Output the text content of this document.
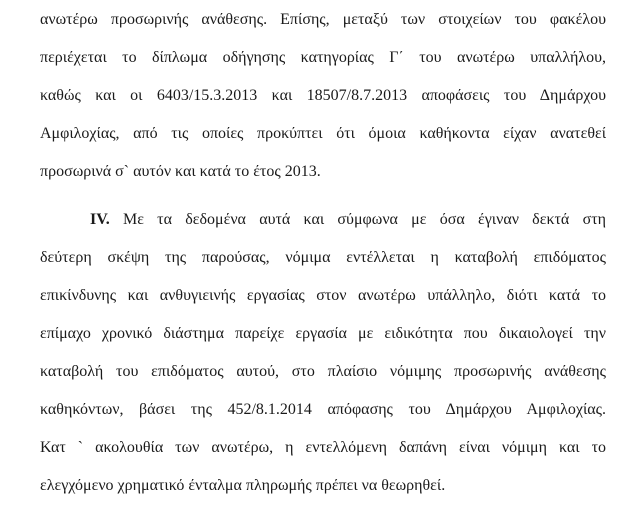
ανωτέρω προσωρινής ανάθεσης. Επίσης, μεταξύ των στοιχείων του φακέλου
περιέχεται το δίπλωμα οδήγησης κατηγορίας Γ΄ του ανωτέρω υπαλλήλου,
καθώς και οι 6403/15.3.2013 και 18507/8.7.2013 αποφάσεις του Δημάρχου
Αμφιλοχίας, από τις οποίες προκύπτει ότι όμοια καθήκοντα είχαν ανατεθεί
προσωρινά σ` αυτόν και κατά το έτος 2013.
IV. Με τα δεδομένα αυτά και σύμφωνα με όσα έγιναν δεκτά στη
δεύτερη σκέψη της παρούσας, νόμιμα εντέλλεται η καταβολή επιδόματος
επικίνδυνης και ανθυγιεινής εργασίας στον ανωτέρω υπάλληλο, διότι κατά το
επίμαχο χρονικό διάστημα παρείχε εργασία με ειδικότητα που δικαιολογεί την
καταβολή του επιδόματος αυτού, στο πλαίσιο νόμιμης προσωρινής ανάθεσης
καθηκόντων, βάσει της 452/8.1.2014 απόφασης του Δημάρχου Αμφιλοχίας.
Κατ ` ακολουθία των ανωτέρω, η εντελλόμενη δαπάνη είναι νόμιμη και το
ελεγχόμενο χρηματικό ένταλμα πληρωμής πρέπει να θεωρηθεί.
